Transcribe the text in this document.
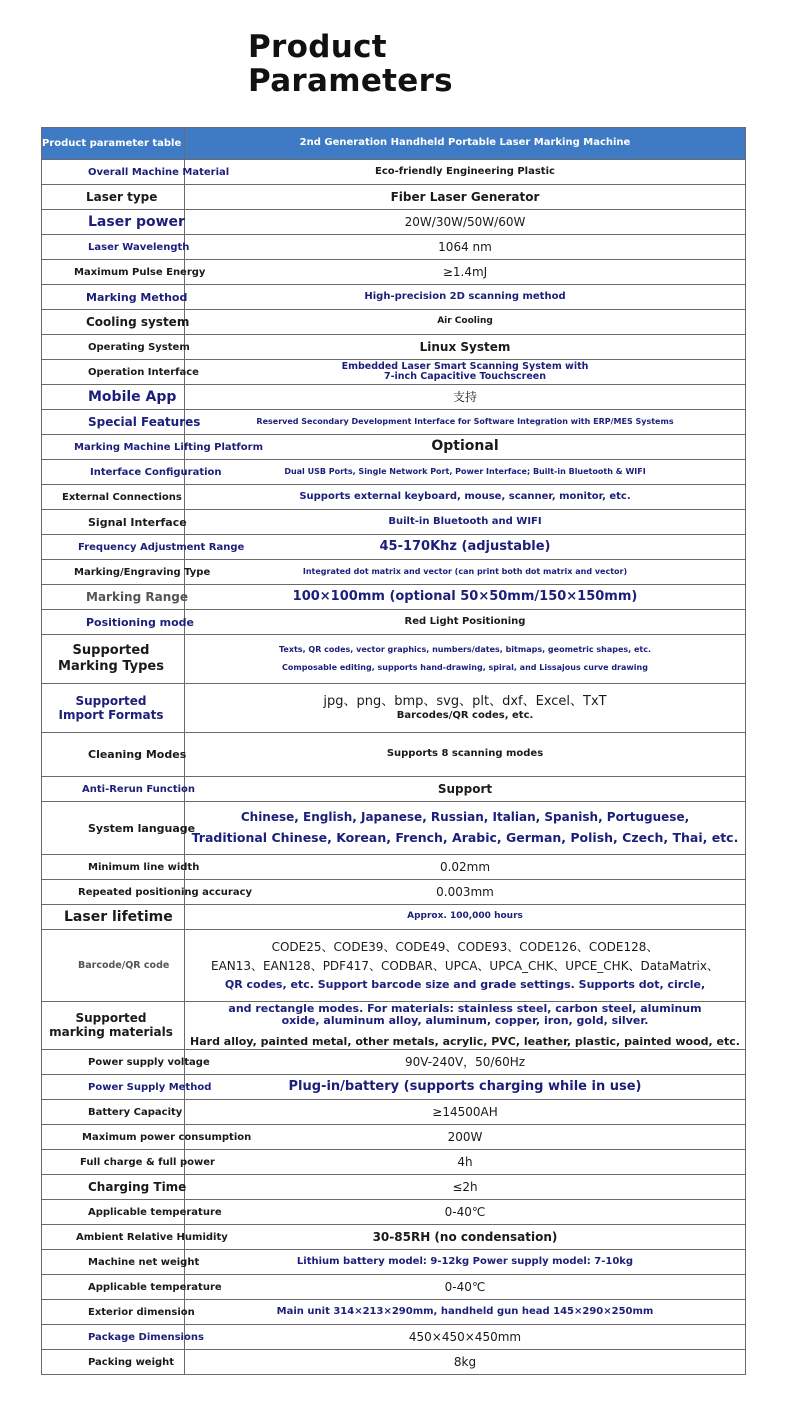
Product
Parameters
Product parameter table	2nd Generation Handheld Portable Laser Marking Machine
Overall Machine Material	Eco-friendly Engineering Plastic
Laser type	Fiber Laser Generator
Laser power	20W/30W/50W/60W
Laser Wavelength	1064 nm
Maximum Pulse Energy	≥1.4mJ
Marking Method	High-precision 2D scanning method
Cooling system	Air Cooling
Operating System	Linux System
Operation Interface	Embedded Laser Smart Scanning System with
7-inch Capacitive Touchscreen

Mobile App	支持
Special Features	Reserved Secondary Development Interface for Software Integration with ERP/MES Systems
Marking Machine Lifting Platform	Optional
Interface Configuration	Dual USB Ports, Single Network Port, Power Interface; Built-in Bluetooth & WIFI
External Connections	Supports external keyboard, mouse, scanner, monitor, etc.
Signal Interface	Built-in Bluetooth and WIFI
Frequency Adjustment Range	45-170Khz (adjustable)
Marking/Engraving Type	Integrated dot matrix and vector (can print both dot matrix and vector)
Marking Range	100×100mm (optional 50×50mm/150×150mm)
Positioning mode	Red Light Positioning

Supported
Marking Types	Texts, QR codes, vector graphics, numbers/dates, bitmaps, geometric shapes, etc.
Composable editing, supports hand-drawing, spiral, and Lissajous curve drawing

Supported
Import Formats	jpg、png、bmp、svg、plt、dxf、Excel、TxT
Barcodes/QR codes, etc.

Cleaning Modes	Supports 8 scanning modes
Anti-Rerun Function	Support
System language	Chinese, English, Japanese, Russian, Italian, Spanish, Portuguese,
Traditional Chinese, Korean, French, Arabic, German, Polish, Czech, Thai, etc.

Minimum line width	0.02mm
Repeated positioning accuracy	0.003mm
Laser lifetime	Approx. 100,000 hours
Barcode/QR code	CODE25、CODE39、CODE49、CODE93、CODE126、CODE128、
EAN13、EAN128、PDF417、CODBAR、UPCA、UPCA_CHK、UPCE_CHK、DataMatrix、
QR codes, etc. Support barcode size and grade settings. Supports dot, circle,

Supported
marking materials	and rectangle modes. For materials: stainless steel, carbon steel, aluminum
oxide, aluminum alloy, aluminum, copper, iron, gold, silver.
Hard alloy, painted metal, other metals, acrylic, PVC, leather, plastic, painted wood, etc.

Power supply voltage	90V-240V，50/60Hz
Power Supply Method	Plug-in/battery (supports charging while in use)
Battery Capacity	≥14500AH
Maximum power consumption	200W
Full charge & full power	4h
Charging Time	≤2h
Applicable temperature	0-40℃
Ambient Relative Humidity	30-85RH (no condensation)
Machine net weight	Lithium battery model: 9-12kg Power supply model: 7-10kg
Applicable temperature	0-40℃
Exterior dimension	Main unit 314×213×290mm, handheld gun head 145×290×250mm
Package Dimensions	450×450×450mm
Packing weight	8kg
